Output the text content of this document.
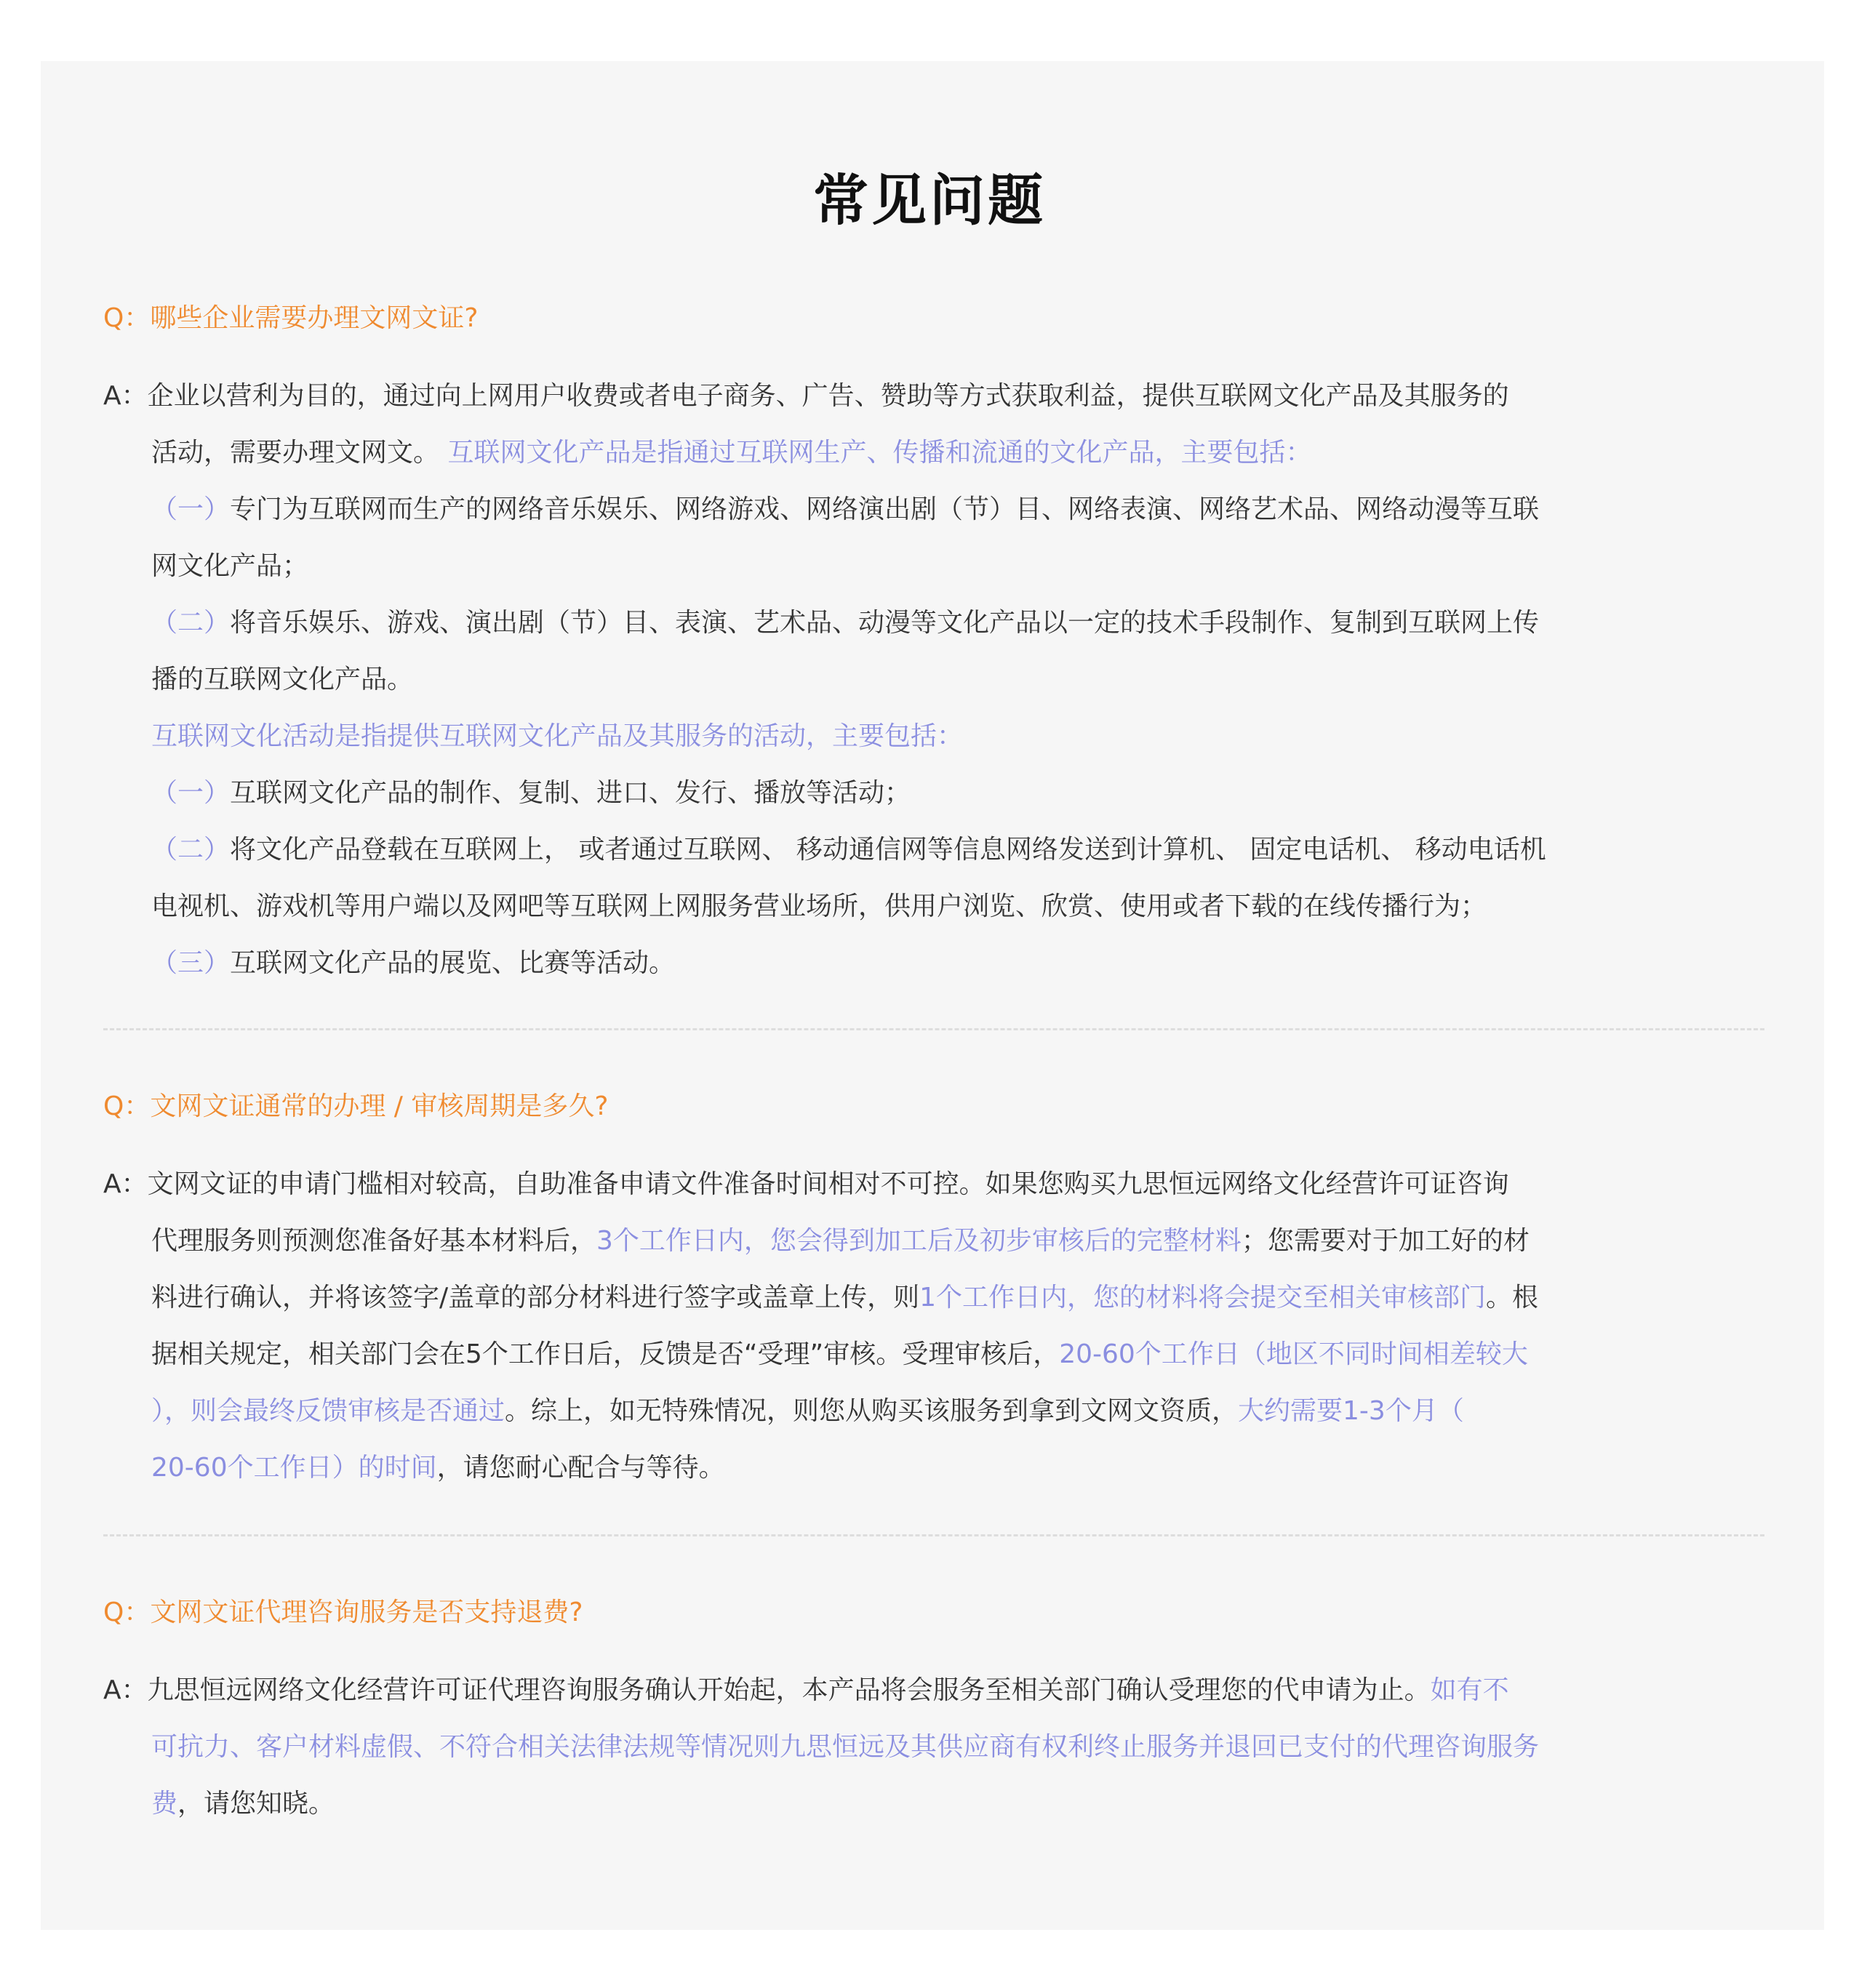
常见问题
Q：哪些企业需要办理文网文证?
A：企业以营利为目的，通过向上网用户收费或者电子商务、广告、赞助等方式获取利益，提供互联网文化产品及其服务的
活动，需要办理文网文。 互联网文化产品是指通过互联网生产、传播和流通的文化产品，主要包括：
（一）专门为互联网而生产的网络音乐娱乐、网络游戏、网络演出剧（节）目、网络表演、网络艺术品、网络动漫等互联
网文化产品；
（二）将音乐娱乐、游戏、演出剧（节）目、表演、艺术品、动漫等文化产品以一定的技术手段制作、复制到互联网上传
播的互联网文化产品。
互联网文化活动是指提供互联网文化产品及其服务的活动，主要包括：
（一）互联网文化产品的制作、复制、进口、发行、播放等活动；
（二）将文化产品登载在互联网上， 或者通过互联网、 移动通信网等信息网络发送到计算机、 固定电话机、 移动电话机
电视机、游戏机等用户端以及网吧等互联网上网服务营业场所，供用户浏览、欣赏、使用或者下载的在线传播行为；
（三）互联网文化产品的展览、比赛等活动。
Q：文网文证通常的办理 / 审核周期是多久?
A：文网文证的申请门槛相对较高，自助准备申请文件准备时间相对不可控。如果您购买九思恒远网络文化经营许可证咨询
代理服务则预测您准备好基本材料后，3个工作日内，您会得到加工后及初步审核后的完整材料；您需要对于加工好的材
料进行确认，并将该签字/盖章的部分材料进行签字或盖章上传，则1个工作日内，您的材料将会提交至相关审核部门。根
据相关规定，相关部门会在5个工作日后，反馈是否“受理”审核。受理审核后，20-60个工作日（地区不同时间相差较大
），则会最终反馈审核是否通过。综上，如无特殊情况，则您从购买该服务到拿到文网文资质，大约需要1-3个月（
20-60个工作日）的时间，请您耐心配合与等待。
Q：文网文证代理咨询服务是否支持退费?
A：九思恒远网络文化经营许可证代理咨询服务确认开始起，本产品将会服务至相关部门确认受理您的代申请为止。如有不
可抗力、客户材料虚假、不符合相关法律法规等情况则九思恒远及其供应商有权利终止服务并退回已支付的代理咨询服务
费，请您知晓。
